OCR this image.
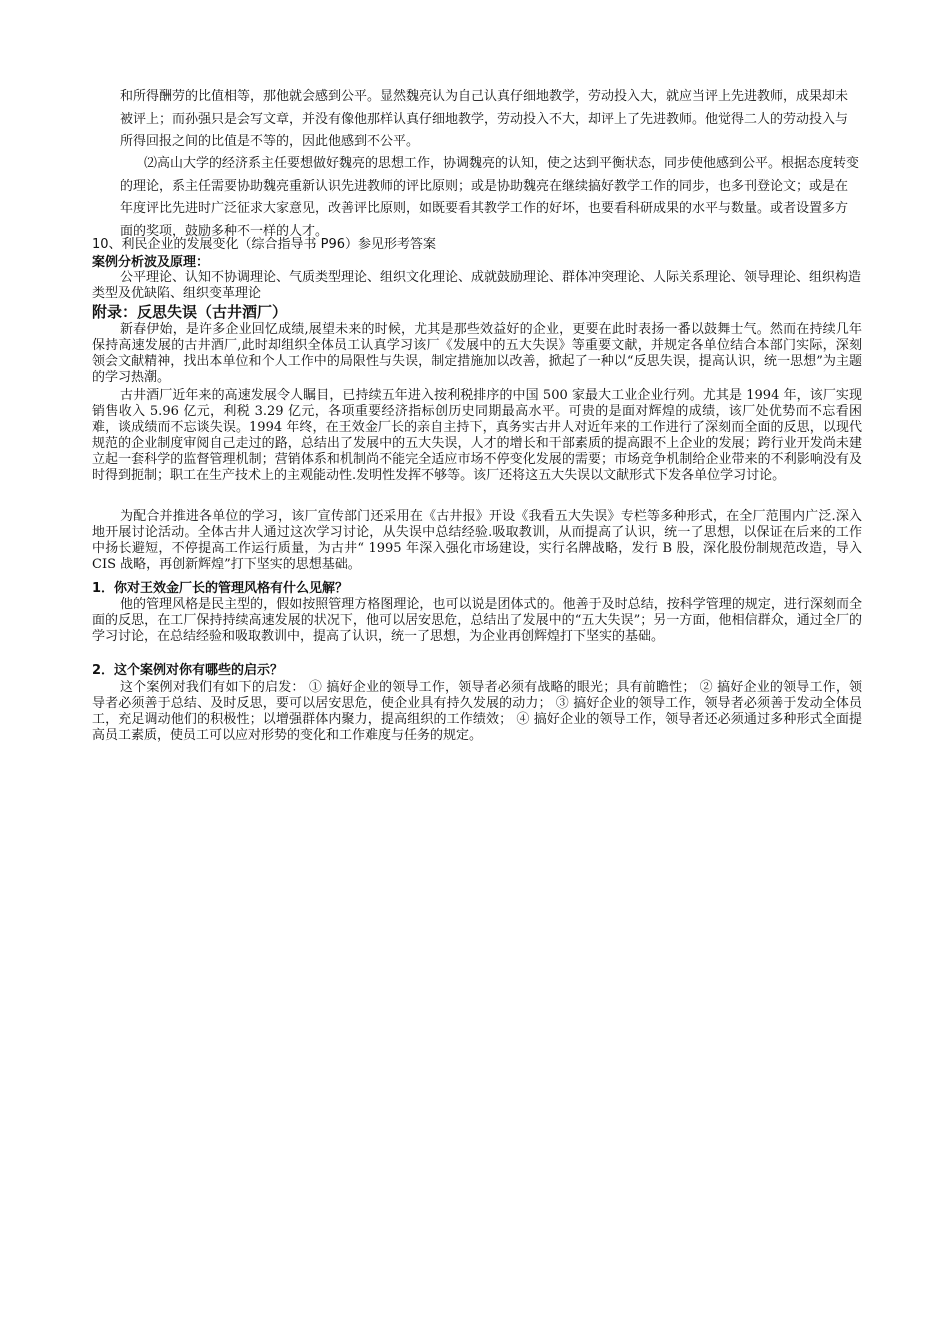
和所得酬劳的比值相等，那他就会感到公平。显然魏亮认为自己认真仔细地教学，劳动投入大，就应当评上先进教师，成果却未被评上；而孙强只是会写文章，并没有像他那样认真仔细地教学，劳动投入不大，却评上了先进教师。他觉得二人的劳动投入与所得回报之间的比值是不等的，因此他感到不公平。

⑵高山大学的经济系主任要想做好魏亮的思想工作，协调魏亮的认知，使之达到平衡状态，同步使他感到公平。根据态度转变的理论，系主任需要协助魏亮重新认识先进教师的评比原则；或是协助魏亮在继续搞好教学工作的同步，也多刊登论文；或是在年度评比先进时广泛征求大家意见，改善评比原则，如既要看其教学工作的好坏，也要看科研成果的水平与数量。或者设置多方面的奖项，鼓励多种不一样的人才。

10、利民企业的发展变化（综合指导书 P96）参见形考答案

案例分析波及原理：

公平理论、认知不协调理论、气质类型理论、组织文化理论、成就鼓励理论、群体冲突理论、人际关系理论、领导理论、组织构造类型及优缺陷、组织变革理论

附录：反思失误（古井酒厂）

新春伊始，是许多企业回忆成绩,展望未来的时候，尤其是那些效益好的企业，更要在此时表扬一番以鼓舞士气。然而在持续几年保持高速发展的古井酒厂,此时却组织全体员工认真学习该厂《发展中的五大失误》等重要文献，并规定各单位结合本部门实际，深刻领会文献精神，找出本单位和个人工作中的局限性与失误，制定措施加以改善，掀起了一种以“反思失误，提高认识，统一思想”为主题的学习热潮。

古井酒厂近年来的高速发展令人瞩目，已持续五年进入按利税排序的中国 500 家最大工业企业行列。尤其是 1994 年，该厂实现销售收入 5.96 亿元，利税 3.29 亿元，各项重要经济指标创历史同期最高水平。可贵的是面对辉煌的成绩，该厂处优势而不忘看困难，谈成绩而不忘谈失误。1994 年终，在王效金厂长的亲自主持下，真务实古井人对近年来的工作进行了深刻而全面的反思，以现代规范的企业制度审阅自己走过的路，总结出了发展中的五大失误，人才的增长和干部素质的提高跟不上企业的发展；跨行业开发尚未建立起一套科学的监督管理机制；营销体系和机制尚不能完全适应市场不停变化发展的需要；市场竞争机制给企业带来的不利影响没有及时得到扼制；职工在生产技术上的主观能动性.发明性发挥不够等。该厂还将这五大失误以文献形式下发各单位学习讨论。

为配合并推进各单位的学习，该厂宣传部门还采用在《古井报》开设《我看五大失误》专栏等多种形式，在全厂范围内广泛.深入地开展讨论活动。全体古井人通过这次学习讨论，从失误中总结经验.吸取教训，从而提高了认识，统一了思想，以保证在后来的工作中扬长避短，不停提高工作运行质量，为古井“ 1995 年深入强化市场建设，实行名牌战略，发行 B 股，深化股份制规范改造，导入 CIS 战略，再创新辉煌”打下坚实的思想基础。

1．你对王效金厂长的管理风格有什么见解？

他的管理风格是民主型的，假如按照管理方格图理论，也可以说是团体式的。他善于及时总结，按科学管理的规定，进行深刻而全面的反思，在工厂保持持续高速发展的状况下，他可以居安思危，总结出了发展中的“五大失误”；另一方面，他相信群众，通过全厂的学习讨论，在总结经验和吸取教训中，提高了认识，统一了思想，为企业再创辉煌打下坚实的基础。

2．这个案例对你有哪些的启示？

这个案例对我们有如下的启发： ① 搞好企业的领导工作，领导者必须有战略的眼光；具有前瞻性； ② 搞好企业的领导工作，领导者必须善于总结、及时反思，要可以居安思危，使企业具有持久发展的动力； ③ 搞好企业的领导工作，领导者必须善于发动全体员工，充足调动他们的积极性；以增强群体内聚力，提高组织的工作绩效； ④ 搞好企业的领导工作，领导者还必须通过多种形式全面提高员工素质，使员工可以应对形势的变化和工作难度与任务的规定。
